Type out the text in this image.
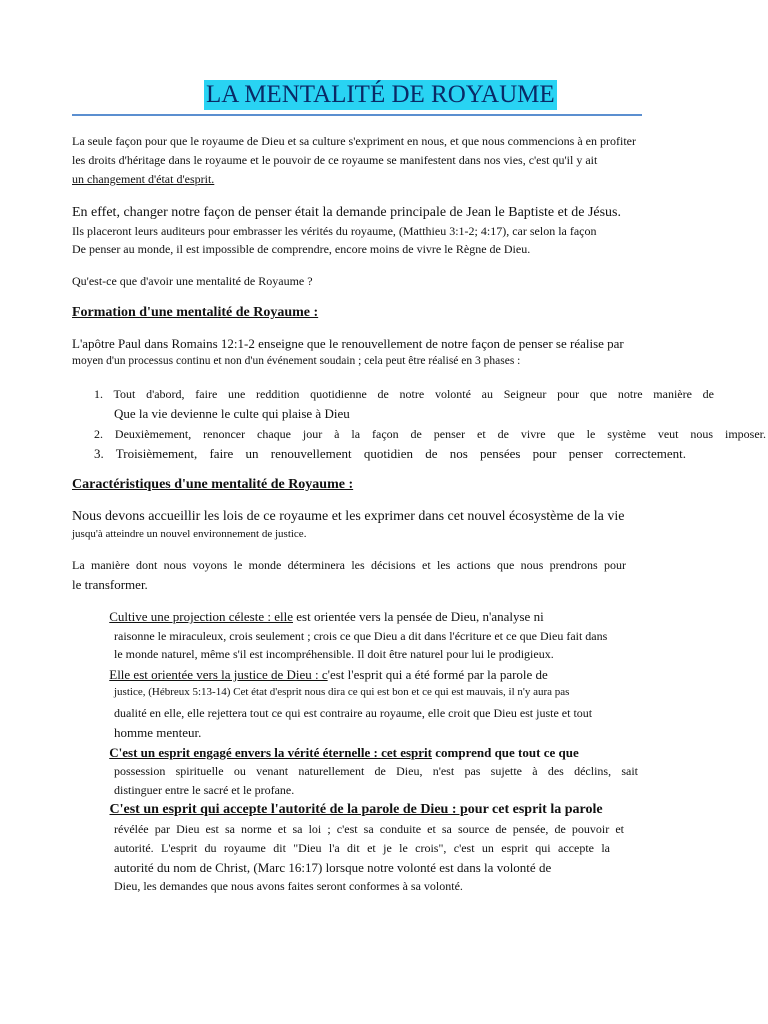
LA MENTALITÉ DE ROYAUME
La seule façon pour que le royaume de Dieu et sa culture s'expriment en nous, et que nous commencions à en profiter
les droits d'héritage dans le royaume et le pouvoir de ce royaume se manifestent dans nos vies, c'est qu'il y ait
un changement d'état d'esprit.
En effet, changer notre façon de penser était la demande principale de Jean le Baptiste et de Jésus.
Ils placeront leurs auditeurs pour embrasser les vérités du royaume, (Matthieu 3:1-2; 4:17), car selon la façon
De penser au monde, il est impossible de comprendre, encore moins de vivre le Règne de Dieu.
Qu'est-ce que d'avoir une mentalité de Royaume ?
Formation d'une mentalité de Royaume :
L'apôtre Paul dans Romains 12:1-2 enseigne que le renouvellement de notre façon de penser se réalise par
moyen d'un processus continu et non d'un événement soudain ; cela peut être réalisé en 3 phases :
1. Tout d'abord, faire une reddition quotidienne de notre volonté au Seigneur pour que notre manière de
Que la vie devienne le culte qui plaise à Dieu
2. Deuxièmement, renoncer chaque jour à la façon de penser et de vivre que le système veut nous imposer.
3. Troisièmement, faire un renouvellement quotidien de nos pensées pour penser correctement.
Caractéristiques d'une mentalité de Royaume :
Nous devons accueillir les lois de ce royaume et les exprimer dans cet nouvel écosystème de la vie
jusqu'à atteindre un nouvel environnement de justice.
La manière dont nous voyons le monde déterminera les décisions et les actions que nous prendrons pour
le transformer.
Cultive une projection céleste : elle est orientée vers la pensée de Dieu, n'analyse ni
raisonne le miraculeux, crois seulement ; crois ce que Dieu a dit dans l'écriture et ce que Dieu fait dans
le monde naturel, même s'il est incompréhensible. Il doit être naturel pour lui le prodigieux.
Elle est orientée vers la justice de Dieu : c'est l'esprit qui a été formé par la parole de
justice, (Hébreux 5:13-14) Cet état d'esprit nous dira ce qui est bon et ce qui est mauvais, il n'y aura pas
dualité en elle, elle rejettera tout ce qui est contraire au royaume, elle croit que Dieu est juste et tout
homme menteur.
C'est un esprit engagé envers la vérité éternelle : cet esprit comprend que tout ce que
possession spirituelle ou venant naturellement de Dieu, n'est pas sujette à des déclins, sait
distinguer entre le sacré et le profane.
C'est un esprit qui accepte l'autorité de la parole de Dieu : pour cet esprit la parole
révélée par Dieu est sa norme et sa loi ; c'est sa conduite et sa source de pensée, de pouvoir et
autorité. L'esprit du royaume dit "Dieu l'a dit et je le crois", c'est un esprit qui accepte la
autorité du nom de Christ, (Marc 16:17) lorsque notre volonté est dans la volonté de
Dieu, les demandes que nous avons faites seront conformes à sa volonté.
